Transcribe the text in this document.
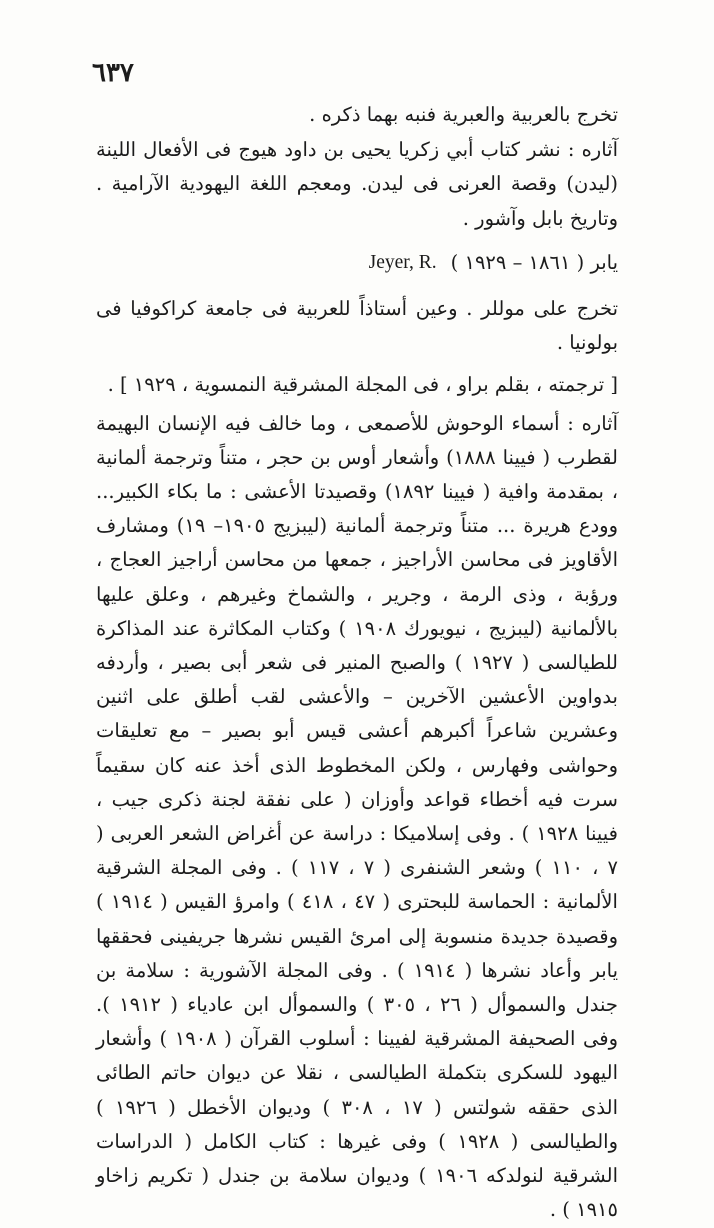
٦٣٧

تخرج بالعربية والعبرية فنبه بهما ذكره .

آثاره : نشر كتاب أبي زكريا يحيى بن داود هيوج فى الأفعال اللينة (ليدن) وقصة العرنى فى ليدن. ومعجم اللغة اليهودية الآرامية . وتاريخ بابل وآشور .

يابر ( ١٨٦١ – ١٩٢٩ )
Jeyer, R.

تخرج على موللر . وعين أستاذاً للعربية فى جامعة كراكوفيا فى بولونيا .

[ ترجمته ، بقلم براو ، فى المجلة المشرقية النمسوية ، ١٩٢٩ ] .

آثاره : أسماء الوحوش للأصمعى ، وما خالف فيه الإنسان البهيمة لقطرب ( فيينا ١٨٨٨) وأشعار أوس بن حجر ، متناً وترجمة ألمانية ، بمقدمة وافية ( فيينا ١٨٩٢) وقصيدتا الأعشى : ما بكاء الكبير... وودع هريرة ... متناً وترجمة ألمانية (ليبزيج ١٩٠٥– ١٩) ومشارف الأقاويز فى محاسن الأراجيز ، جمعها من محاسن أراجيز العجاج ، ورؤبة ، وذى الرمة ، وجرير ، والشماخ وغيرهم ، وعلق عليها بالألمانية (ليبزيج ، نيويورك ١٩٠٨ ) وكتاب المكاثرة عند المذاكرة للطيالسى ( ١٩٢٧ ) والصبح المنير فى شعر أبى بصير ، وأردفه بدواوين الأعشين الآخرين – والأعشى لقب أطلق على اثنين وعشرين شاعراً أكبرهم أعشى قيس أبو بصير – مع تعليقات وحواشى وفهارس ، ولكن المخطوط الذى أخذ عنه كان سقيماً سرت فيه أخطاء قواعد وأوزان ( على نفقة لجنة ذكرى جيب ، فيينا ١٩٢٨ ) . وفى إسلاميكا : دراسة عن أغراض الشعر العربى ( ٧ ، ١١٠ ) وشعر الشنفرى ( ٧ ، ١١٧ ) . وفى المجلة الشرقية الألمانية : الحماسة للبحترى ( ٤٧ ، ٤١٨ ) وامرؤ القيس ( ١٩١٤ ) وقصيدة جديدة منسوبة إلى امرئ القيس نشرها جريفينى فحققها يابر وأعاد نشرها ( ١٩١٤ ) . وفى المجلة الآشورية : سلامة بن جندل والسموأل ( ٢٦ ، ٣٠٥ ) والسموأل ابن عادياء ( ١٩١٢ ). وفى الصحيفة المشرقية لفيينا : أسلوب القرآن ( ١٩٠٨ ) وأشعار اليهود للسكرى بتكملة الطيالسى ، نقلا عن ديوان حاتم الطائى الذى حققه شولتس ( ١٧ ، ٣٠٨ ) وديوان الأخطل ( ١٩٢٦ ) والطيالسى ( ١٩٢٨ ) وفى غيرها : كتاب الكامل ( الدراسات الشرقية لنولدكه ١٩٠٦ ) وديوان سلامة بن جندل ( تكريم زاخاو ١٩١٥ ) .
